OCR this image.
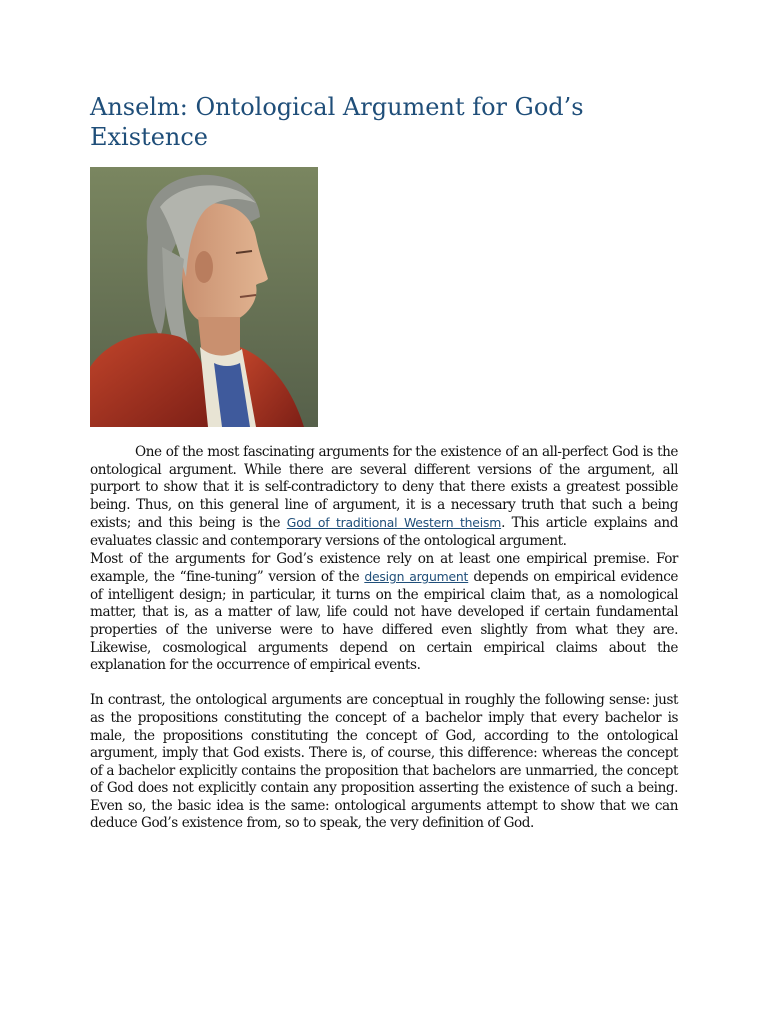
Anselm: Ontological Argument for God’s Existence

One of the most fascinating arguments for the existence of an all-perfect God is the ontological argument. While there are several different versions of the argument, all purport to show that it is self-contradictory to deny that there exists a greatest possible being. Thus, on this general line of argument, it is a necessary truth that such a being exists; and this being is the God of traditional Western theism. This article explains and evaluates classic and contemporary versions of the ontological argument.

Most of the arguments for God’s existence rely on at least one empirical premise. For example, the “fine-tuning” version of the design argument depends on empirical evidence of intelligent design; in particular, it turns on the empirical claim that, as a nomological matter, that is, as a matter of law, life could not have developed if certain fundamental properties of the universe were to have differed even slightly from what they are. Likewise, cosmological arguments depend on certain empirical claims about the explanation for the occurrence of empirical events.

In contrast, the ontological arguments are conceptual in roughly the following sense: just as the propositions constituting the concept of a bachelor imply that every bachelor is male, the propositions constituting the concept of God, according to the ontological argument, imply that God exists. There is, of course, this difference: whereas the concept of a bachelor explicitly contains the proposition that bachelors are unmarried, the concept of God does not explicitly contain any proposition asserting the existence of such a being. Even so, the basic idea is the same: ontological arguments attempt to show that we can deduce God’s existence from, so to speak, the very definition of God.
